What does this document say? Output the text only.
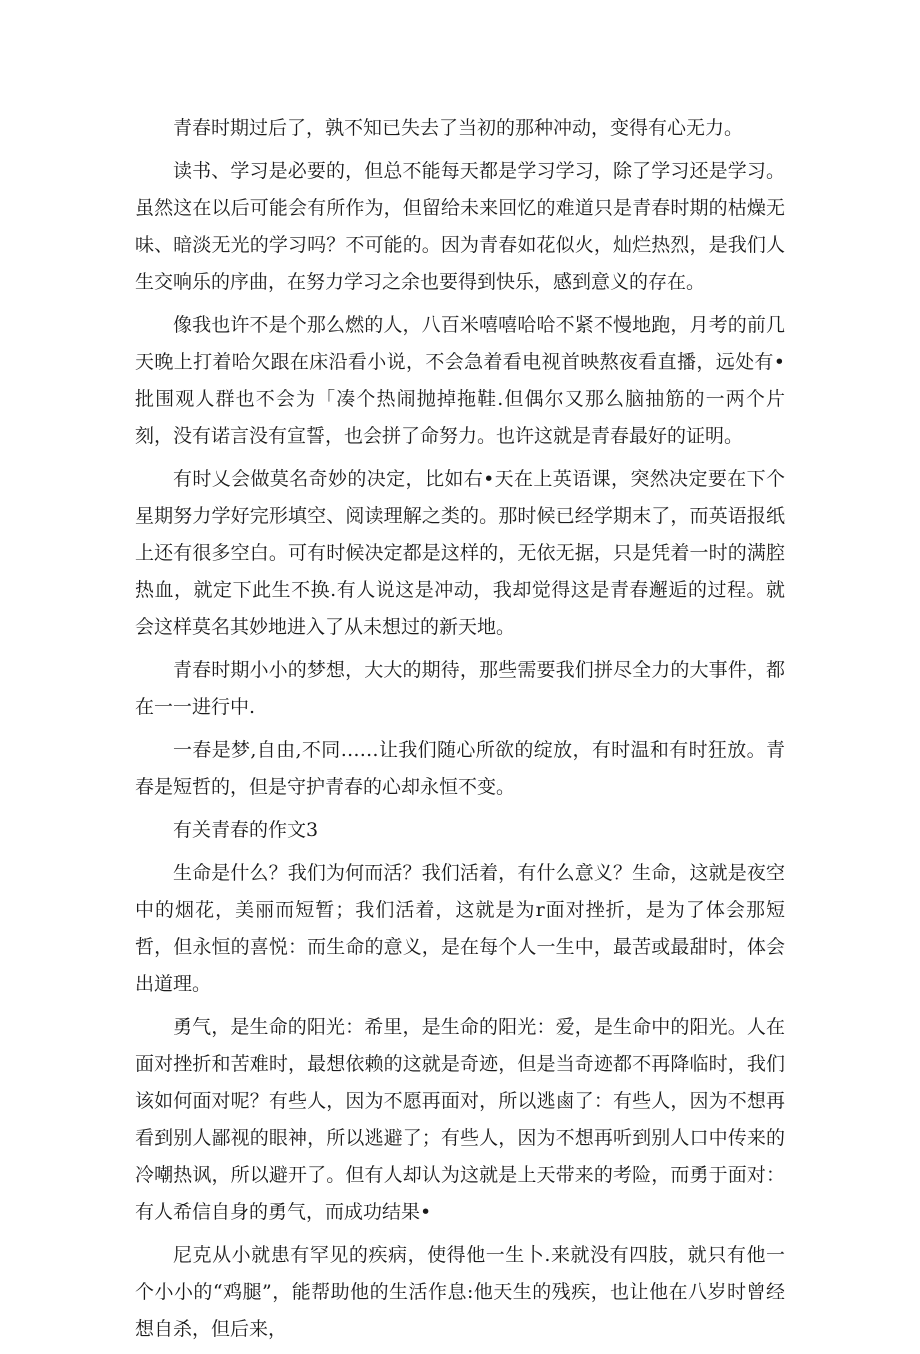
青春时期过后了，孰不知已失去了当初的那种冲动，变得有心无力。

读书、学习是必要的，但总不能每天都是学习学习，除了学习还是学习。虽然这在以后可能会有所作为，但留给未来回忆的难道只是青春时期的枯燥无味、暗淡无光的学习吗？不可能的。因为青春如花似火，灿烂热烈，是我们人生交响乐的序曲，在努力学习之余也要得到快乐，感到意义的存在。

像我也许不是个那么燃的人，八百米嘻嘻哈哈不紧不慢地跑，月考的前几天晚上打着哈欠跟在床沿看小说，不会急着看电视首映熬夜看直播，远处有•批围观人群也不会为「凑个热闹抛掉拖鞋.但偶尔又那么脑抽筋的一两个片刻，没有诺言没有宣誓，也会拼了命努力。也许这就是青春最好的证明。

有时乂会做莫名奇妙的决定，比如右•天在上英语课，突然决定要在下个星期努力学好完形填空、阅读理解之类的。那时候已经学期末了，而英语报纸上还有很多空白。可有时候决定都是这样的，无依无据，只是凭着一时的满腔热血，就定下此生不换.有人说这是冲动，我却觉得这是青春邂逅的过程。就会这样莫名其妙地进入了从未想过的新天地。

青春时期小小的梦想，大大的期待，那些需要我们拼尽全力的大事件，都在一一进行中.

一春是梦,自由,不同……让我们随心所欲的绽放，有时温和有时狂放。青春是短哲的，但是守护青春的心却永恒不变。

有关青春的作文3

生命是什么？我们为何而活？我们活着，有什么意义？生命，这就是夜空中的烟花，美丽而短暂；我们活着，这就是为r面对挫折，是为了体会那短哲，但永恒的喜悦：而生命的意义，是在每个人一生中，最苦或最甜时，体会出道理。

勇气，是生命的阳光：希里，是生命的阳光：爱，是生命中的阳光。人在面对挫折和苦难时，最想依赖的这就是奇迹，但是当奇迹都不再降临时，我们该如何面对呢？有些人，因为不愿再面对，所以逃鹵了：有些人，因为不想再看到别人鄙视的眼神，所以逃避了；有些人，因为不想再听到别人口中传来的冷嘲热讽，所以避开了。但有人却认为这就是上天带来的考险，而勇于面对：有人希信自身的勇气，而成功结果•

尼克从小就患有罕见的疾病，使得他一生卜.来就没有四肢，就只有他一个小小的“鸡腿”，能帮助他的生活作息:他天生的残疾，也让他在八岁时曾经想自杀，但后来，
